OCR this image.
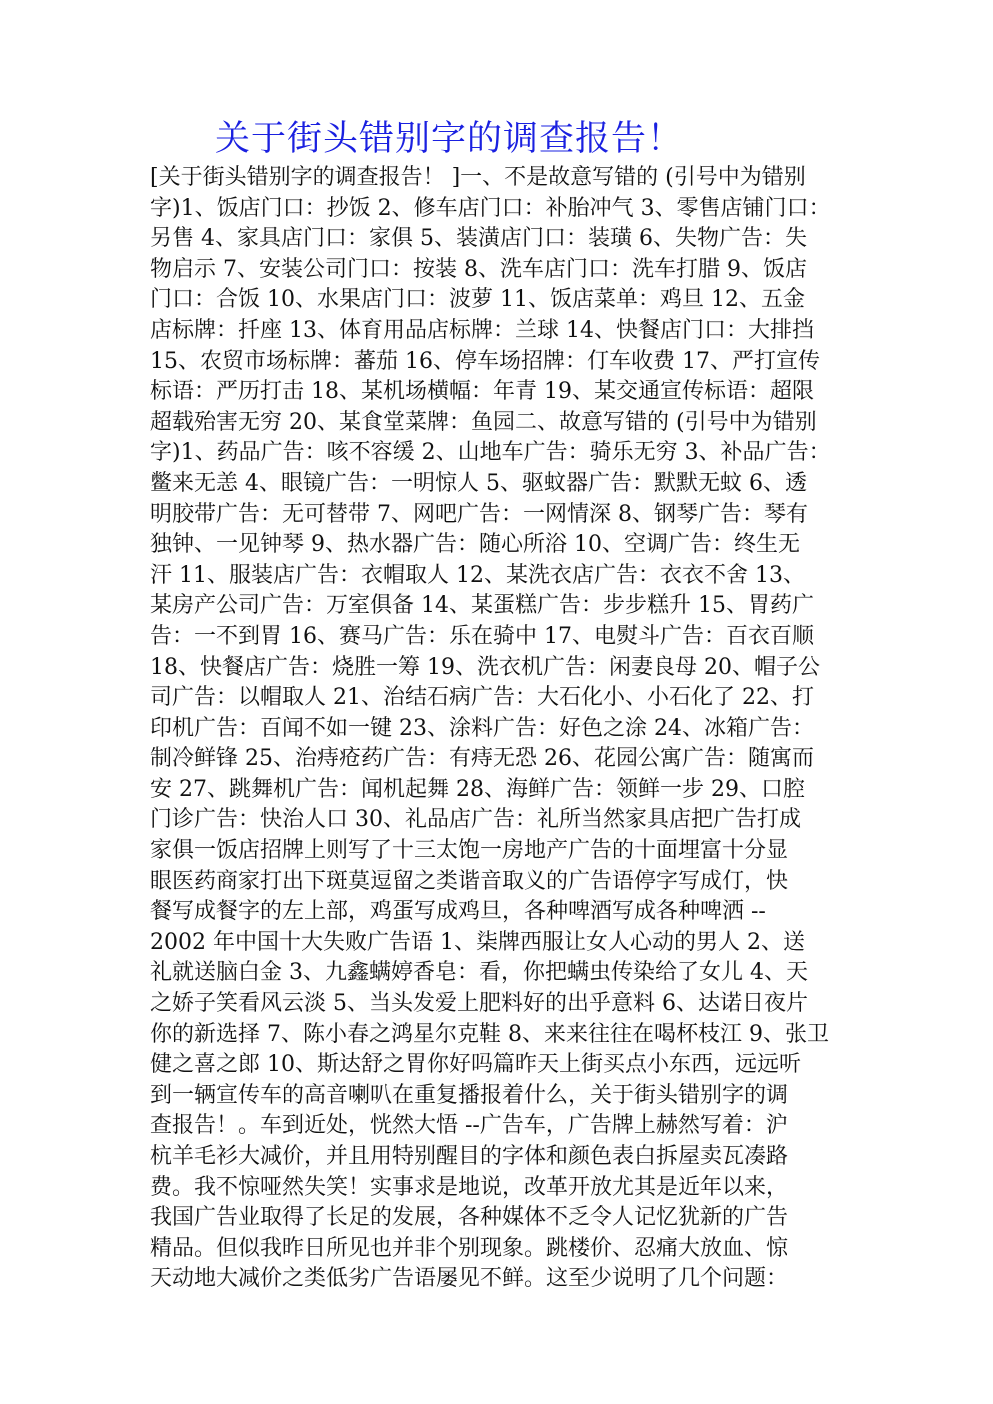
关于街头错别字的调查报告！
[关于街头错别字的调查报告！ ]一、不是故意写错的 (引号中为错别
字)1、饭店门口：抄饭 2、修车店门口：补胎冲气 3、零售店铺门口：
另售 4、家具店门口：家俱 5、装潢店门口：装璜 6、失物广告：失
物启示 7、安装公司门口：按装 8、洗车店门口：洗车打腊 9、饭店
门口：合饭 10、水果店门口：波萝 11、饭店菜单：鸡旦 12、五金
店标牌：扦座 13、体育用品店标牌：兰球 14、快餐店门口：大排挡
15、农贸市场标牌：蕃茄 16、停车场招牌：仃车收费 17、严打宣传
标语：严历打击 18、某机场横幅：年青 19、某交通宣传标语：超限
超载殆害无穷 20、某食堂菜牌：鱼园二、故意写错的 (引号中为错别
字)1、药品广告：咳不容缓 2、山地车广告：骑乐无穷 3、补品广告：
鳖来无恙 4、眼镜广告：一明惊人 5、驱蚊器广告：默默无蚊 6、透
明胶带广告：无可替带 7、网吧广告：一网情深 8、钢琴广告：琴有
独钟、一见钟琴 9、热水器广告：随心所浴 10、空调广告：终生无
汗 11、服装店广告：衣帽取人 12、某洗衣店广告：衣衣不舍 13、
某房产公司广告：万室俱备 14、某蛋糕广告：步步糕升 15、胃药广
告：一不到胃 16、赛马广告：乐在骑中 17、电熨斗广告：百衣百顺
18、快餐店广告：烧胜一筹 19、洗衣机广告：闲妻良母 20、帽子公
司广告：以帽取人 21、治结石病广告：大石化小、小石化了 22、打
印机广告：百闻不如一键 23、涂料广告：好色之涂 24、冰箱广告：
制冷鲜锋 25、治痔疮药广告：有痔无恐 26、花园公寓广告：随寓而
安 27、跳舞机广告：闻机起舞 28、海鲜广告：领鲜一步 29、口腔
门诊广告：快治人口 30、礼品店广告：礼所当然家具店把广告打成
家俱一饭店招牌上则写了十三太饱一房地产广告的十面埋富十分显
眼医药商家打出下斑莫逗留之类谐音取义的广告语停字写成仃，快
餐写成餐字的左上部，鸡蛋写成鸡旦，各种啤酒写成各种啤洒 --
2002 年中国十大失败广告语 1、柒牌西服让女人心动的男人 2、送
礼就送脑白金 3、九鑫螨婷香皂：看，你把螨虫传染给了女儿 4、天
之娇子笑看风云淡 5、当头发爱上肥料好的出乎意料 6、达诺日夜片
你的新选择 7、陈小春之鸿星尔克鞋 8、来来往往在喝杯枝江 9、张卫
健之喜之郎 10、斯达舒之胃你好吗篇昨天上街买点小东西，远远听
到一辆宣传车的高音喇叭在重复播报着什么，关于街头错别字的调
查报告！。车到近处，恍然大悟 --广告车，广告牌上赫然写着：沪
杭羊毛衫大减价，并且用特别醒目的字体和颜色表白拆屋卖瓦凑路
费。我不惊哑然失笑！实事求是地说，改革开放尤其是近年以来，
我国广告业取得了长足的发展，各种媒体不乏令人记忆犹新的广告
精品。但似我昨日所见也并非个别现象。跳楼价、忍痛大放血、惊
天动地大减价之类低劣广告语屡见不鲜。这至少说明了几个问题：
